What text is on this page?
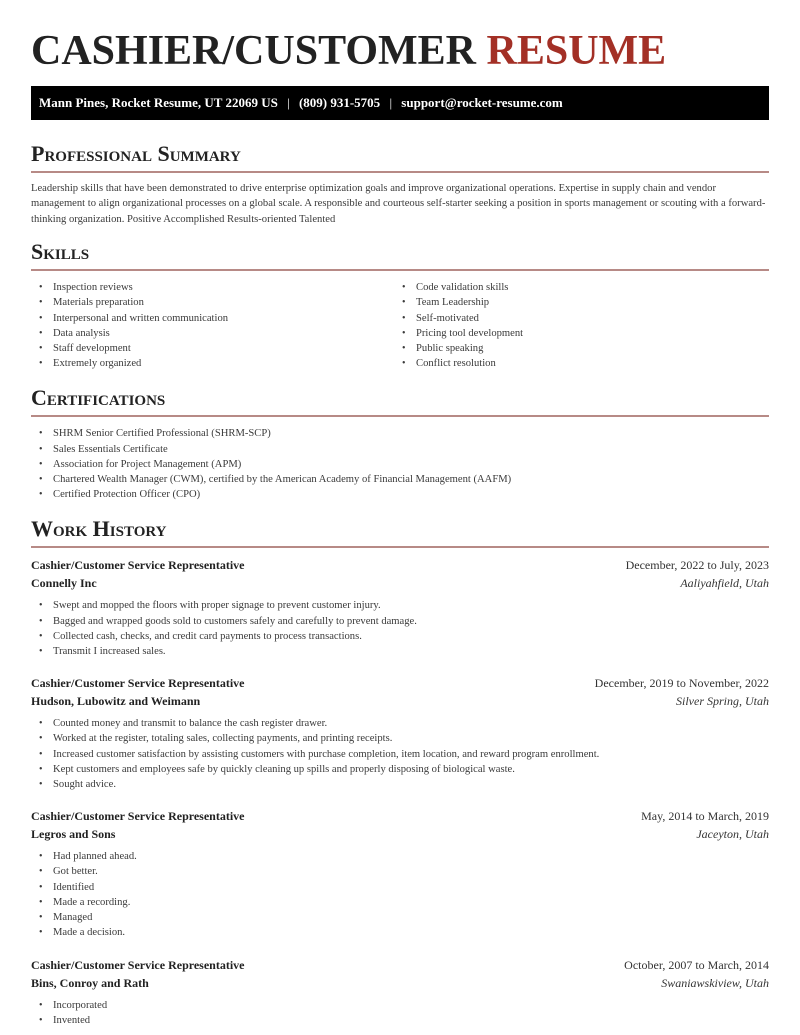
CASHIER/CUSTOMER RESUME
Mann Pines, Rocket Resume, UT 22069 US | (809) 931-5705 | support@rocket-resume.com
Professional Summary

Leadership skills that have been demonstrated to drive enterprise optimization goals and improve organizational operations. Expertise in supply chain and vendor management to align organizational processes on a global scale. A responsible and courteous self-starter seeking a position in sports management or scouting with a forward-thinking organization. Positive Accomplished Results-oriented Talented

Skills
• Inspection reviews
• Materials preparation
• Interpersonal and written communication
• Data analysis
• Staff development
• Extremely organized
• Code validation skills
• Team Leadership
• Self-motivated
• Pricing tool development
• Public speaking
• Conflict resolution
Certifications
• SHRM Senior Certified Professional (SHRM-SCP)
• Sales Essentials Certificate
• Association for Project Management (APM)
• Chartered Wealth Manager (CWM), certified by the American Academy of Financial Management (AAFM)
• Certified Protection Officer (CPO)
Work History
Cashier/Customer Service Representative	December, 2022 to July, 2023
Connelly Inc	Aaliyahfield, Utah
• Swept and mopped the floors with proper signage to prevent customer injury.
• Bagged and wrapped goods sold to customers safely and carefully to prevent damage.
• Collected cash, checks, and credit card payments to process transactions.
• Transmit I increased sales.
Cashier/Customer Service Representative	December, 2019 to November, 2022
Hudson, Lubowitz and Weimann	Silver Spring, Utah
• Counted money and transmit to balance the cash register drawer.
• Worked at the register, totaling sales, collecting payments, and printing receipts.
• Increased customer satisfaction by assisting customers with purchase completion, item location, and reward program enrollment.
• Kept customers and employees safe by quickly cleaning up spills and properly disposing of biological waste.
• Sought advice.
Cashier/Customer Service Representative	May, 2014 to March, 2019
Legros and Sons	Jaceyton, Utah
• Had planned ahead.
• Got better.
• Identified
• Made a recording.
• Managed
• Made a decision.
Cashier/Customer Service Representative	October, 2007 to March, 2014
Bins, Conroy and Rath	Swaniawskiview, Utah
• Incorporated
• Invented
